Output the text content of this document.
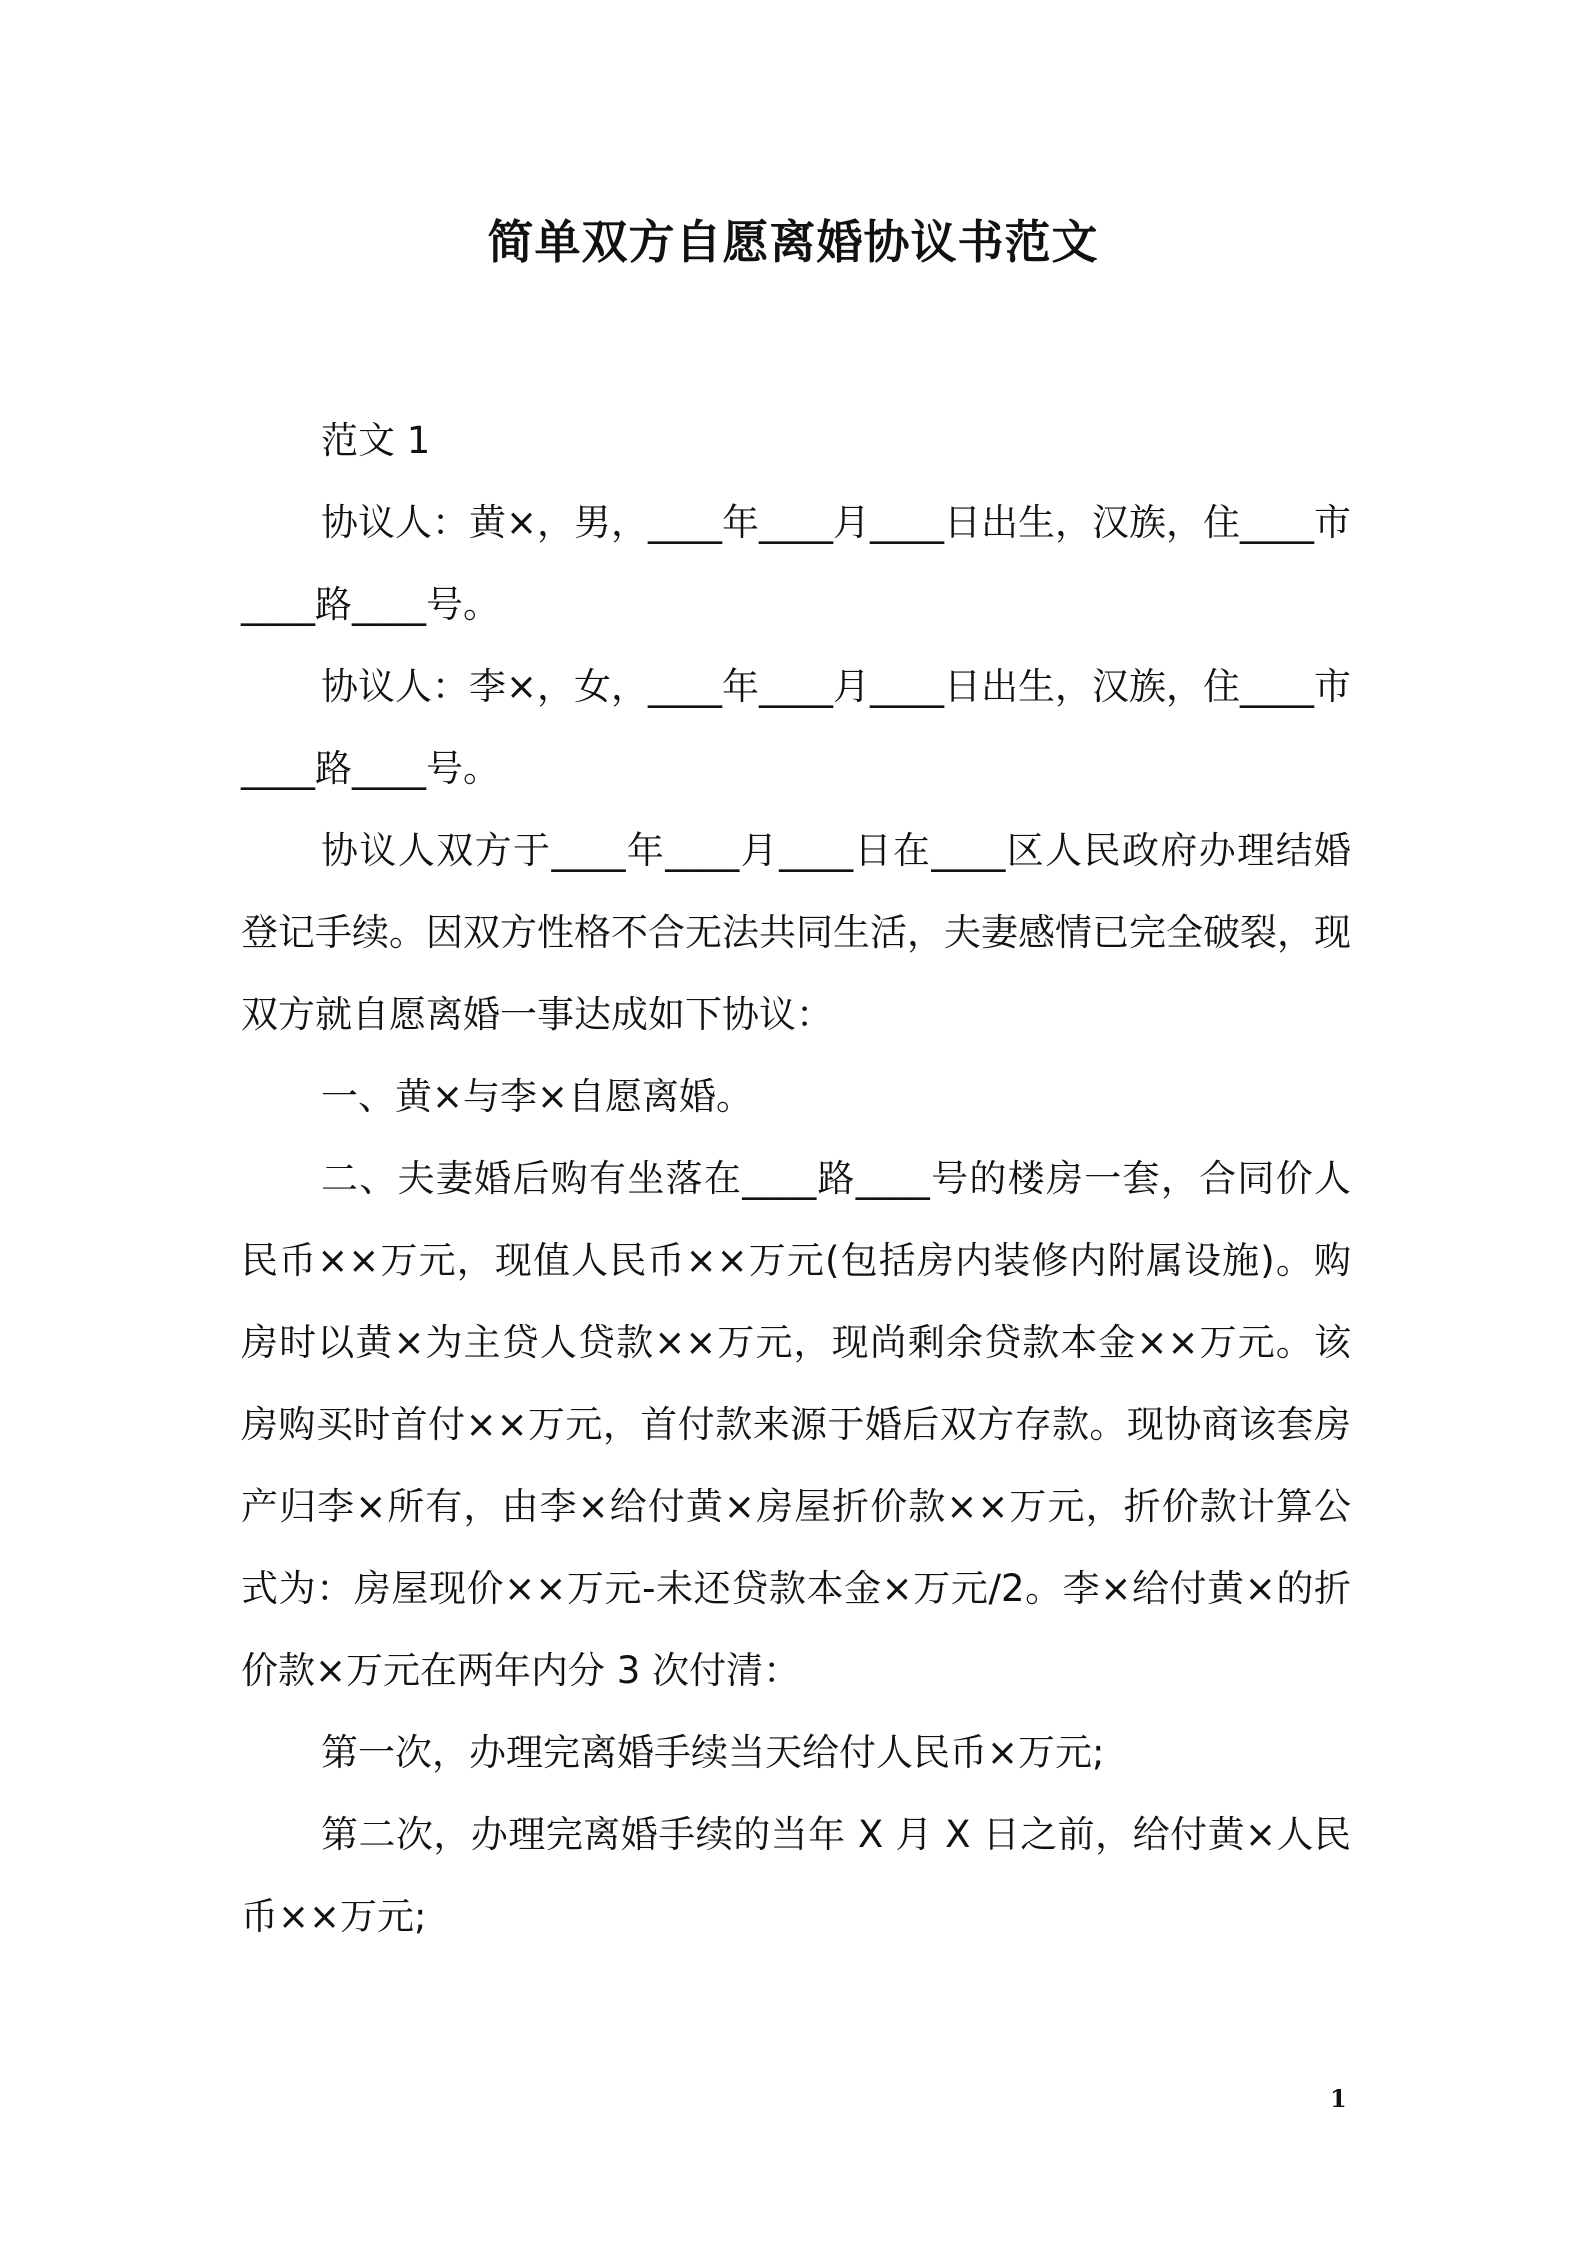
简单双方自愿离婚协议书范文

范文 1

协议人：黄×，男，____年____月____日出生，汉族，住____市____路____号。

协议人：李×，女，____年____月____日出生，汉族，住____市____路____号。

协议人双方于____年____月____日在____区人民政府办理结婚登记手续。因双方性格不合无法共同生活，夫妻感情已完全破裂，现双方就自愿离婚一事达成如下协议：

一、黄×与李×自愿离婚。

二、夫妻婚后购有坐落在____路____号的楼房一套，合同价人民币××万元，现值人民币××万元(包括房内装修内附属设施)。购房时以黄×为主贷人贷款××万元，现尚剩余贷款本金××万元。该房购买时首付××万元，首付款来源于婚后双方存款。现协商该套房产归李×所有，由李×给付黄×房屋折价款××万元，折价款计算公式为：房屋现价××万元-未还贷款本金×万元/2。李×给付黄×的折价款×万元在两年内分 3 次付清：

第一次，办理完离婚手续当天给付人民币×万元;

第二次，办理完离婚手续的当年 X 月 X 日之前，给付黄×人民币××万元;

1
